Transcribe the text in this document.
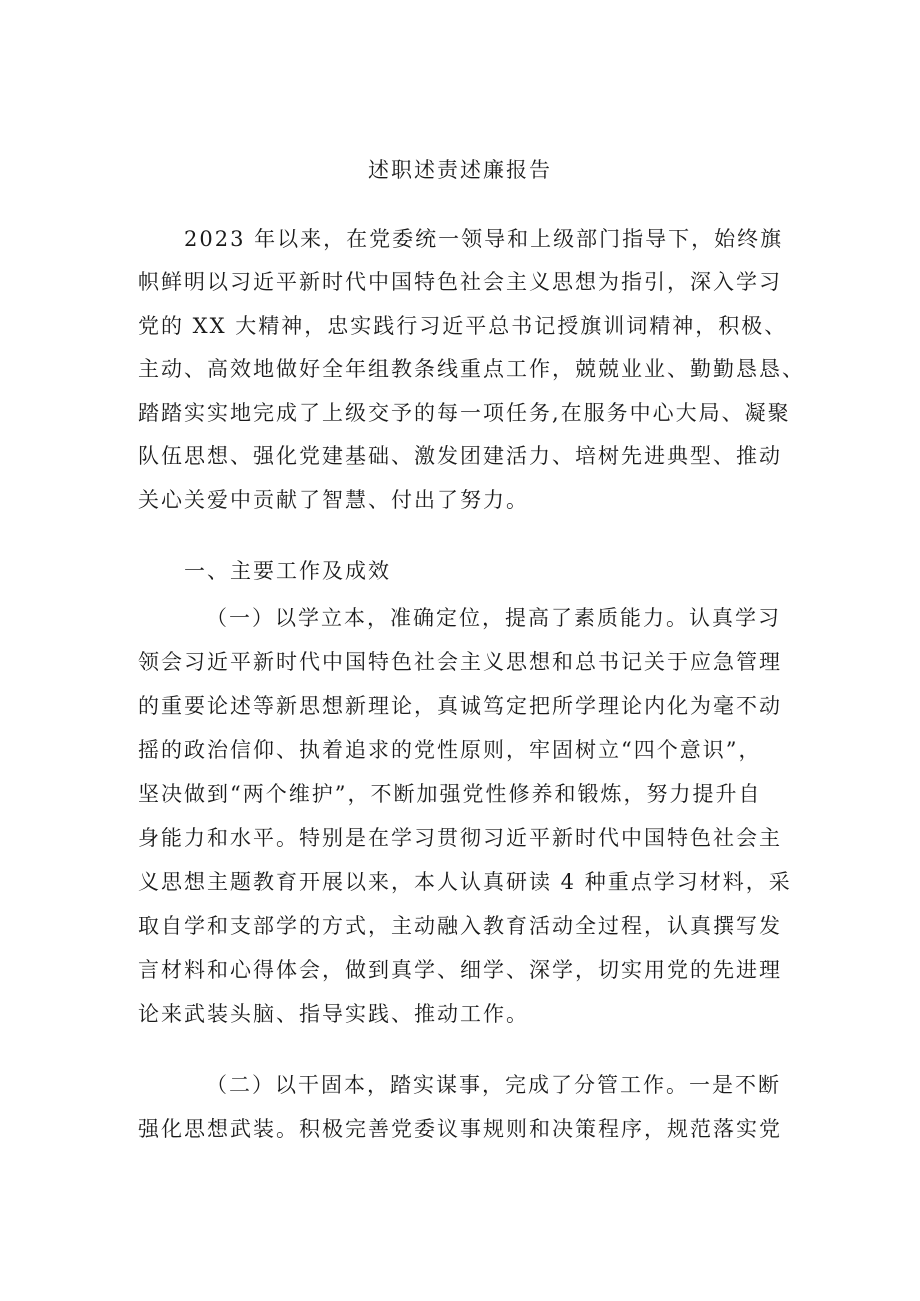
述职述责述廉报告
2023 年以来，在党委统一领导和上级部门指导下，始终旗
帜鲜明以习近平新时代中国特色社会主义思想为指引，深入学习
党的 XX 大精神，忠实践行习近平总书记授旗训词精神，积极、
主动、高效地做好全年组教条线重点工作，兢兢业业、勤勤恳恳、
踏踏实实地完成了上级交予的每一项任务,在服务中心大局、凝聚
队伍思想、强化党建基础、激发团建活力、培树先进典型、推动
关心关爱中贡献了智慧、付出了努力。
一、主要工作及成效
（一）以学立本，准确定位，提高了素质能力。认真学习
领会习近平新时代中国特色社会主义思想和总书记关于应急管理
的重要论述等新思想新理论，真诚笃定把所学理论内化为毫不动
摇的政治信仰、执着追求的党性原则，牢固树立“四个意识”，
坚决做到“两个维护”，不断加强党性修养和锻炼，努力提升自
身能力和水平。特别是在学习贯彻习近平新时代中国特色社会主
义思想主题教育开展以来，本人认真研读 4 种重点学习材料，采
取自学和支部学的方式，主动融入教育活动全过程，认真撰写发
言材料和心得体会，做到真学、细学、深学，切实用党的先进理
论来武装头脑、指导实践、推动工作。
（二）以干固本，踏实谋事，完成了分管工作。一是不断
强化思想武装。积极完善党委议事规则和决策程序，规范落实党
